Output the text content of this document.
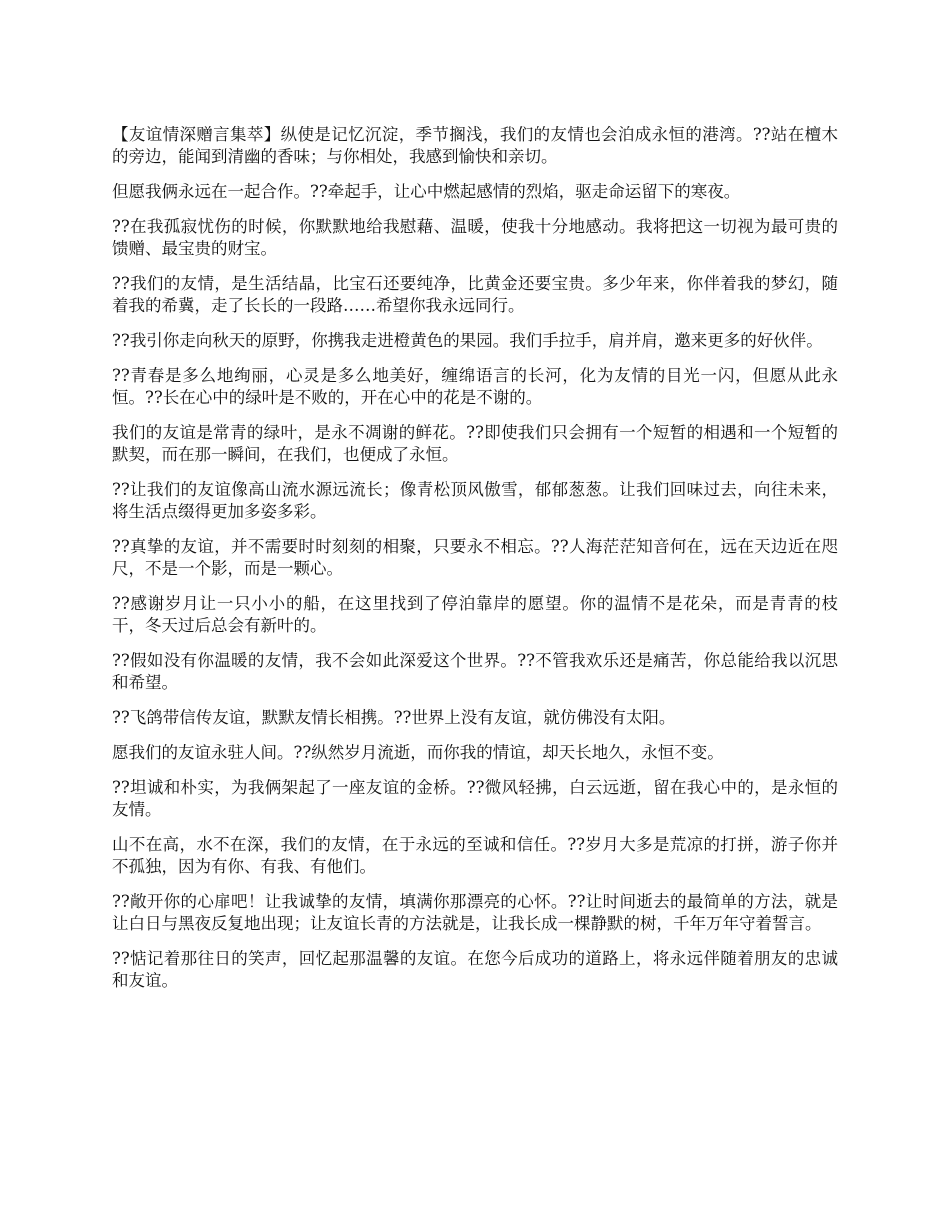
【友谊情深赠言集萃】纵使是记忆沉淀，季节搁浅，我们的友情也会泊成永恒的港湾。??站在檀木的旁边，能闻到清幽的香味；与你相处，我感到愉快和亲切。

但愿我俩永远在一起合作。??牵起手，让心中燃起感情的烈焰，驱走命运留下的寒夜。

??在我孤寂忧伤的时候，你默默地给我慰藉、温暖，使我十分地感动。我将把这一切视为最可贵的馈赠、最宝贵的财宝。

??我们的友情，是生活结晶，比宝石还要纯净，比黄金还要宝贵。多少年来，你伴着我的梦幻，随着我的希冀，走了长长的一段路……希望你我永远同行。

??我引你走向秋天的原野，你携我走进橙黄色的果园。我们手拉手，肩并肩，邀来更多的好伙伴。

??青春是多么地绚丽，心灵是多么地美好，缠绵语言的长河，化为友情的目光一闪，但愿从此永恒。??长在心中的绿叶是不败的，开在心中的花是不谢的。

我们的友谊是常青的绿叶，是永不凋谢的鲜花。??即使我们只会拥有一个短暂的相遇和一个短暂的默契，而在那一瞬间，在我们，也便成了永恒。

??让我们的友谊像高山流水源远流长；像青松顶风傲雪，郁郁葱葱。让我们回味过去，向往未来，将生活点缀得更加多姿多彩。

??真挚的友谊，并不需要时时刻刻的相聚，只要永不相忘。??人海茫茫知音何在，远在天边近在咫尺，不是一个影，而是一颗心。

??感谢岁月让一只小小的船，在这里找到了停泊靠岸的愿望。你的温情不是花朵，而是青青的枝干，冬天过后总会有新叶的。

??假如没有你温暖的友情，我不会如此深爱这个世界。??不管我欢乐还是痛苦，你总能给我以沉思和希望。

??飞鸽带信传友谊，默默友情长相携。??世界上没有友谊，就仿佛没有太阳。

愿我们的友谊永驻人间。??纵然岁月流逝，而你我的情谊，却天长地久，永恒不变。

??坦诚和朴实，为我俩架起了一座友谊的金桥。??微风轻拂，白云远逝，留在我心中的，是永恒的友情。

山不在高，水不在深，我们的友情，在于永远的至诚和信任。??岁月大多是荒凉的打拼，游子你并不孤独，因为有你、有我、有他们。

??敞开你的心扉吧！让我诚挚的友情，填满你那漂亮的心怀。??让时间逝去的最简单的方法，就是让白日与黑夜反复地出现；让友谊长青的方法就是，让我长成一棵静默的树，千年万年守着誓言。

??惦记着那往日的笑声，回忆起那温馨的友谊。在您今后成功的道路上，将永远伴随着朋友的忠诚和友谊。
